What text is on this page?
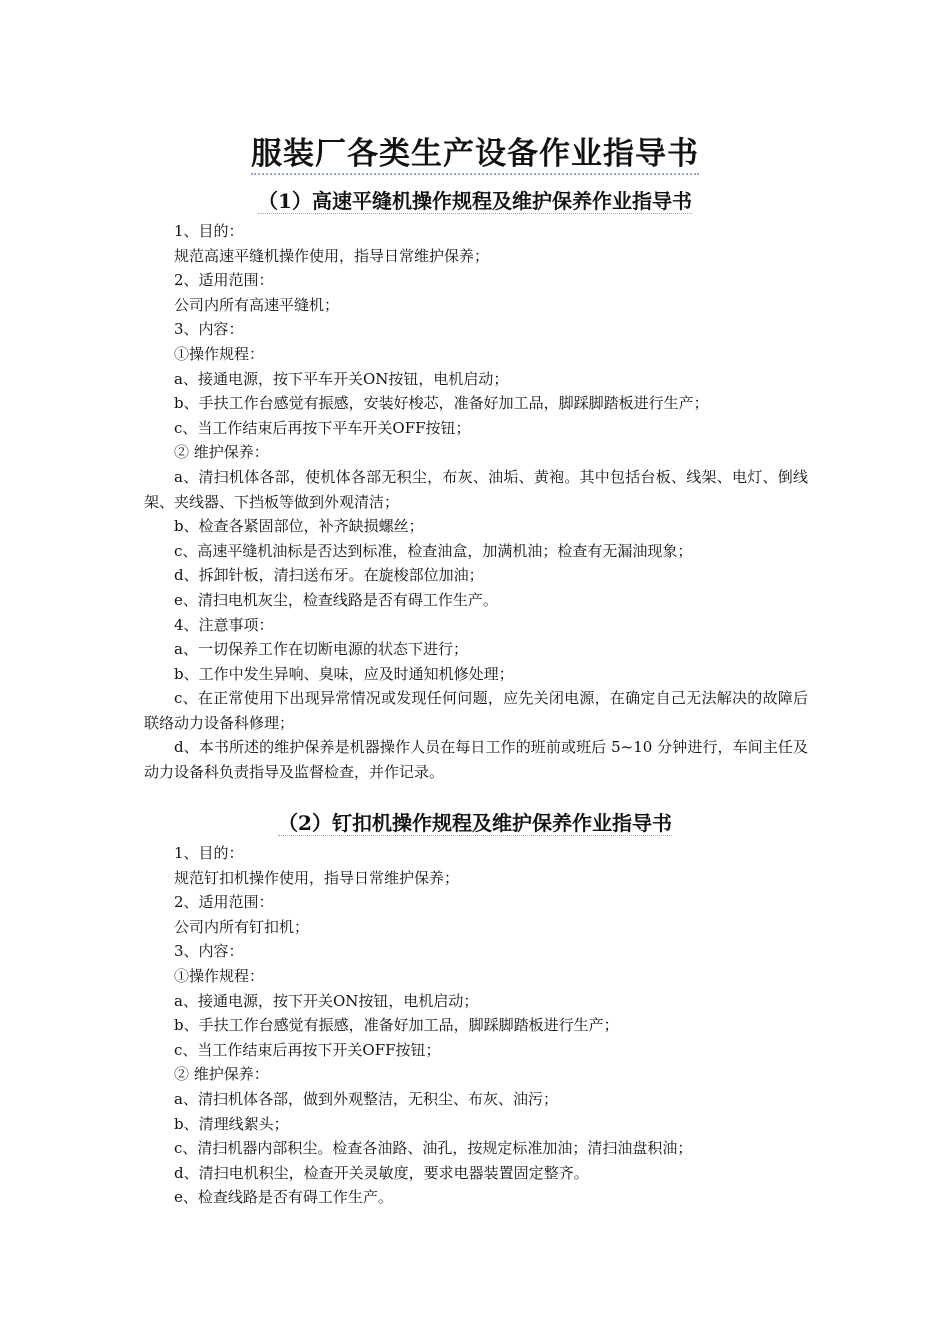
服装厂各类生产设备作业指导书
（1）高速平缝机操作规程及维护保养作业指导书
1、目的：
规范高速平缝机操作使用，指导日常维护保养；
2、适用范围：
公司内所有高速平缝机；
3、内容：
①操作规程：
a、接通电源，按下平车开关ON按钮，电机启动；
b、手扶工作台感觉有振感，安装好梭芯，准备好加工品，脚踩脚踏板进行生产；
c、当工作结束后再按下平车开关OFF按钮；
② 维护保养：
a、清扫机体各部，使机体各部无积尘，布灰、油垢、黄袍。其中包括台板、线架、电灯、倒线架、夹线器、下挡板等做到外观清洁；
b、检查各紧固部位，补齐缺损螺丝；
c、高速平缝机油标是否达到标准，检查油盒，加满机油；检查有无漏油现象；
d、拆卸针板，清扫送布牙。在旋梭部位加油；
e、清扫电机灰尘，检查线路是否有碍工作生产。
4、注意事项：
a、一切保养工作在切断电源的状态下进行；
b、工作中发生异响、臭味，应及时通知机修处理；
c、在正常使用下出现异常情况或发现任何问题，应先关闭电源，在确定自己无法解决的故障后联络动力设备科修理；
d、本书所述的维护保养是机器操作人员在每日工作的班前或班后 5~10 分钟进行，车间主任及动力设备科负责指导及监督检查，并作记录。
（2）钉扣机操作规程及维护保养作业指导书
1、目的：
规范钉扣机操作使用，指导日常维护保养；
2、适用范围：
公司内所有钉扣机；
3、内容：
①操作规程：
a、接通电源，按下开关ON按钮，电机启动；
b、手扶工作台感觉有振感，准备好加工品，脚踩脚踏板进行生产；
c、当工作结束后再按下开关OFF按钮；
② 维护保养：
a、清扫机体各部，做到外观整洁，无积尘、布灰、油污；
b、清理线絮头；
c、清扫机器内部积尘。检查各油路、油孔，按规定标准加油；清扫油盘积油；
d、清扫电机积尘，检查开关灵敏度，要求电器装置固定整齐。
e、检查线路是否有碍工作生产。
